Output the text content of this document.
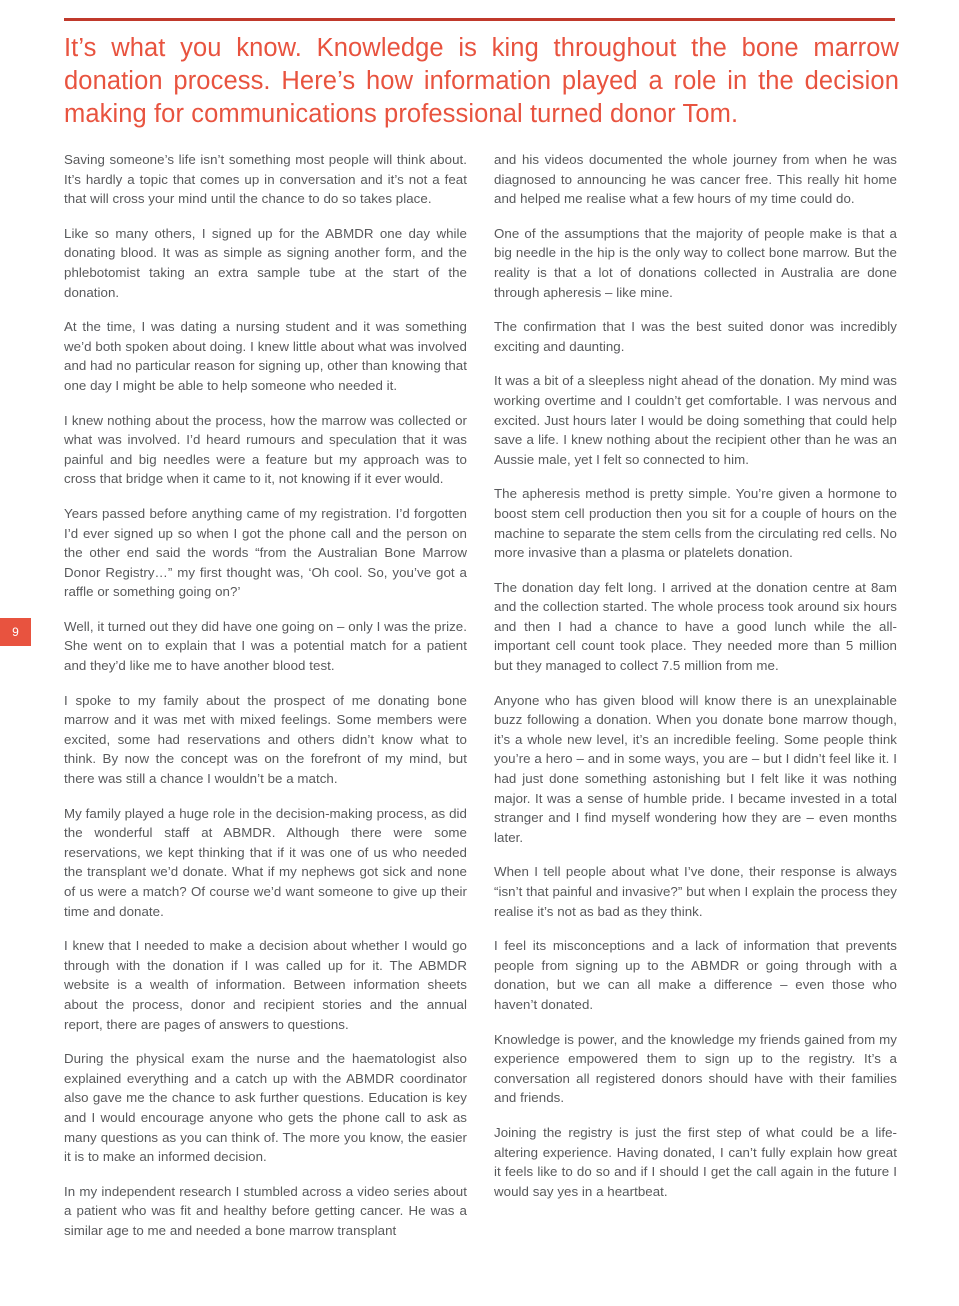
It’s what you know. Knowledge is king throughout the bone marrow donation process. Here’s how information played a role in the decision making for communications professional turned donor Tom.
9

Saving someone’s life isn’t something most people will think about. It’s hardly a topic that comes up in conversation and it’s not a feat that will cross your mind until the chance to do so takes place.

Like so many others, I signed up for the ABMDR one day while donating blood. It was as simple as signing another form, and the phlebotomist taking an extra sample tube at the start of the donation.

At the time, I was dating a nursing student and it was something we’d both spoken about doing. I knew little about what was involved and had no particular reason for signing up, other than knowing that one day I might be able to help someone who needed it.

I knew nothing about the process, how the marrow was collected or what was involved. I’d heard rumours and speculation that it was painful and big needles were a feature but my approach was to cross that bridge when it came to it, not knowing if it ever would.

Years passed before anything came of my registration. I’d forgotten I’d ever signed up so when I got the phone call and the person on the other end said the words “from the Australian Bone Marrow Donor Registry…” my first thought was, ‘Oh cool. So, you’ve got a raffle or something going on?’

Well, it turned out they did have one going on – only I was the prize. She went on to explain that I was a potential match for a patient and they’d like me to have another blood test.

I spoke to my family about the prospect of me donating bone marrow and it was met with mixed feelings. Some members were excited, some had reservations and others didn’t know what to think. By now the concept was on the forefront of my mind, but there was still a chance I wouldn’t be a match.

My family played a huge role in the decision-making process, as did the wonderful staff at ABMDR. Although there were some reservations, we kept thinking that if it was one of us who needed the transplant we’d donate. What if my nephews got sick and none of us were a match? Of course we’d want someone to give up their time and donate.

I knew that I needed to make a decision about whether I would go through with the donation if I was called up for it. The ABMDR website is a wealth of information. Between information sheets about the process, donor and recipient stories and the annual report, there are pages of answers to questions.

During the physical exam the nurse and the haematologist also explained everything and a catch up with the ABMDR coordinator also gave me the chance to ask further questions. Education is key and I would encourage anyone who gets the phone call to ask as many questions as you can think of. The more you know, the easier it is to make an informed decision.

In my independent research I stumbled across a video series about a patient who was fit and healthy before getting cancer. He was a similar age to me and needed a bone marrow transplant

and his videos documented the whole journey from when he was diagnosed to announcing he was cancer free. This really hit home and helped me realise what a few hours of my time could do.

One of the assumptions that the majority of people make is that a big needle in the hip is the only way to collect bone marrow. But the reality is that a lot of donations collected in Australia are done through apheresis – like mine.

The confirmation that I was the best suited donor was incredibly exciting and daunting.

It was a bit of a sleepless night ahead of the donation. My mind was working overtime and I couldn’t get comfortable. I was nervous and excited. Just hours later I would be doing something that could help save a life. I knew nothing about the recipient other than he was an Aussie male, yet I felt so connected to him.

The apheresis method is pretty simple. You’re given a hormone to boost stem cell production then you sit for a couple of hours on the machine to separate the stem cells from the circulating red cells. No more invasive than a plasma or platelets donation.

The donation day felt long. I arrived at the donation centre at 8am and the collection started. The whole process took around six hours and then I had a chance to have a good lunch while the all-important cell count took place. They needed more than 5 million but they managed to collect 7.5 million from me.

Anyone who has given blood will know there is an unexplainable buzz following a donation. When you donate bone marrow though, it’s a whole new level, it’s an incredible feeling. Some people think you’re a hero – and in some ways, you are – but I didn’t feel like it. I had just done something astonishing but I felt like it was nothing major. It was a sense of humble pride. I became invested in a total stranger and I find myself wondering how they are – even months later.

When I tell people about what I’ve done, their response is always “isn’t that painful and invasive?” but when I explain the process they realise it’s not as bad as they think.

I feel its misconceptions and a lack of information that prevents people from signing up to the ABMDR or going through with a donation, but we can all make a difference – even those who haven’t donated.

Knowledge is power, and the knowledge my friends gained from my experience empowered them to sign up to the registry. It’s a conversation all registered donors should have with their families and friends.

Joining the registry is just the first step of what could be a life-altering experience. Having donated, I can’t fully explain how great it feels like to do so and if I should I get the call again in the future I would say yes in a heartbeat.
